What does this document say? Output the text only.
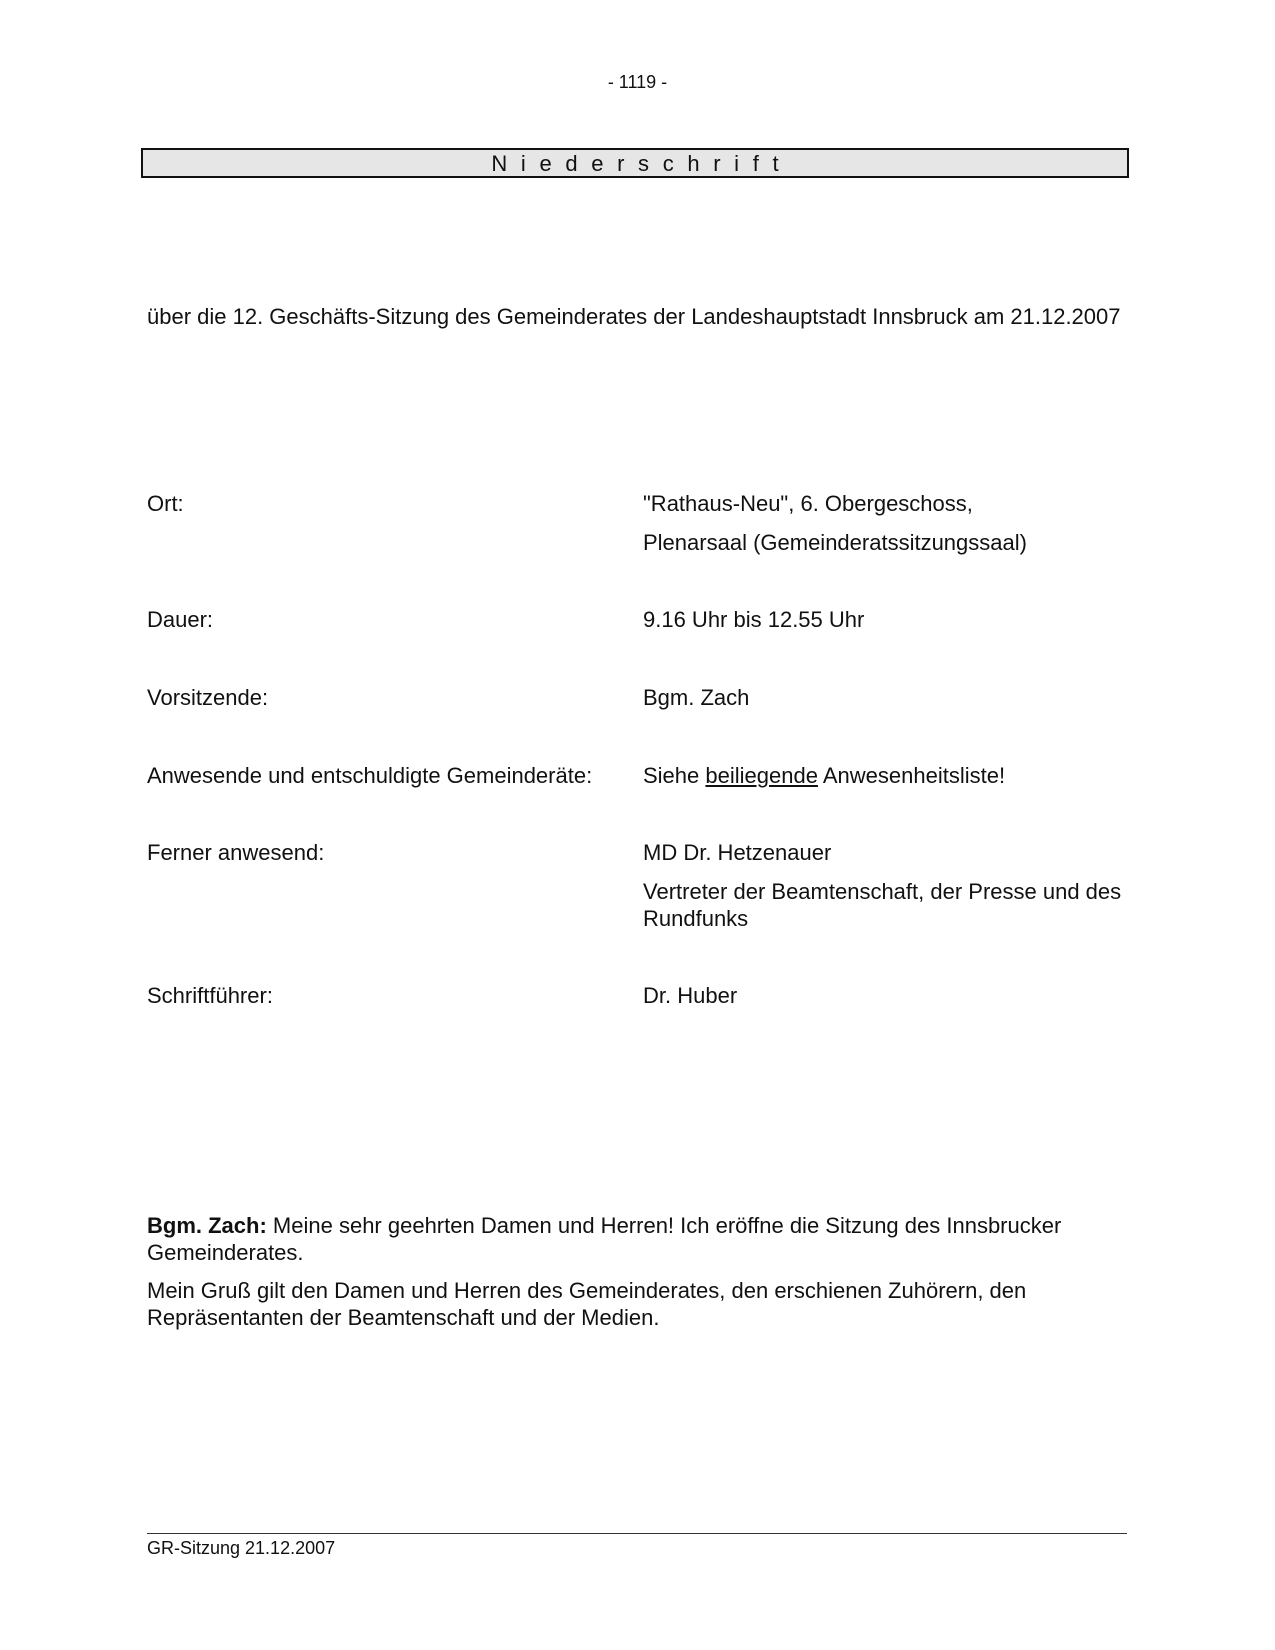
- 1119 -
Niederschrift

über die 12. Geschäfts-Sitzung des Gemeinderates der Landeshauptstadt Innsbruck am 21.12.2007

Ort:	"Rathaus-Neu", 6. Obergeschoss,

Plenarsaal (Gemeinderatssitzungssaal)

Dauer:	9.16 Uhr bis 12.55 Uhr
Vorsitzende:	Bgm. Zach
Anwesende und entschuldigte Gemeinderäte: Siehe beiliegende Anwesenheitsliste!
Ferner anwesend:	MD Dr. Hetzenauer

Vertreter der Beamtenschaft, der Presse und des Rundfunks

Schriftführer:	Dr. Huber

Bgm. Zach: Meine sehr geehrten Damen und Herren! Ich eröffne die Sitzung des Innsbrucker Gemeinderates.

Mein Gruß gilt den Damen und Herren des Gemeinderates, den erschienen Zuhörern, den Repräsentanten der Beamtenschaft und der Medien.

GR-Sitzung 21.12.2007
